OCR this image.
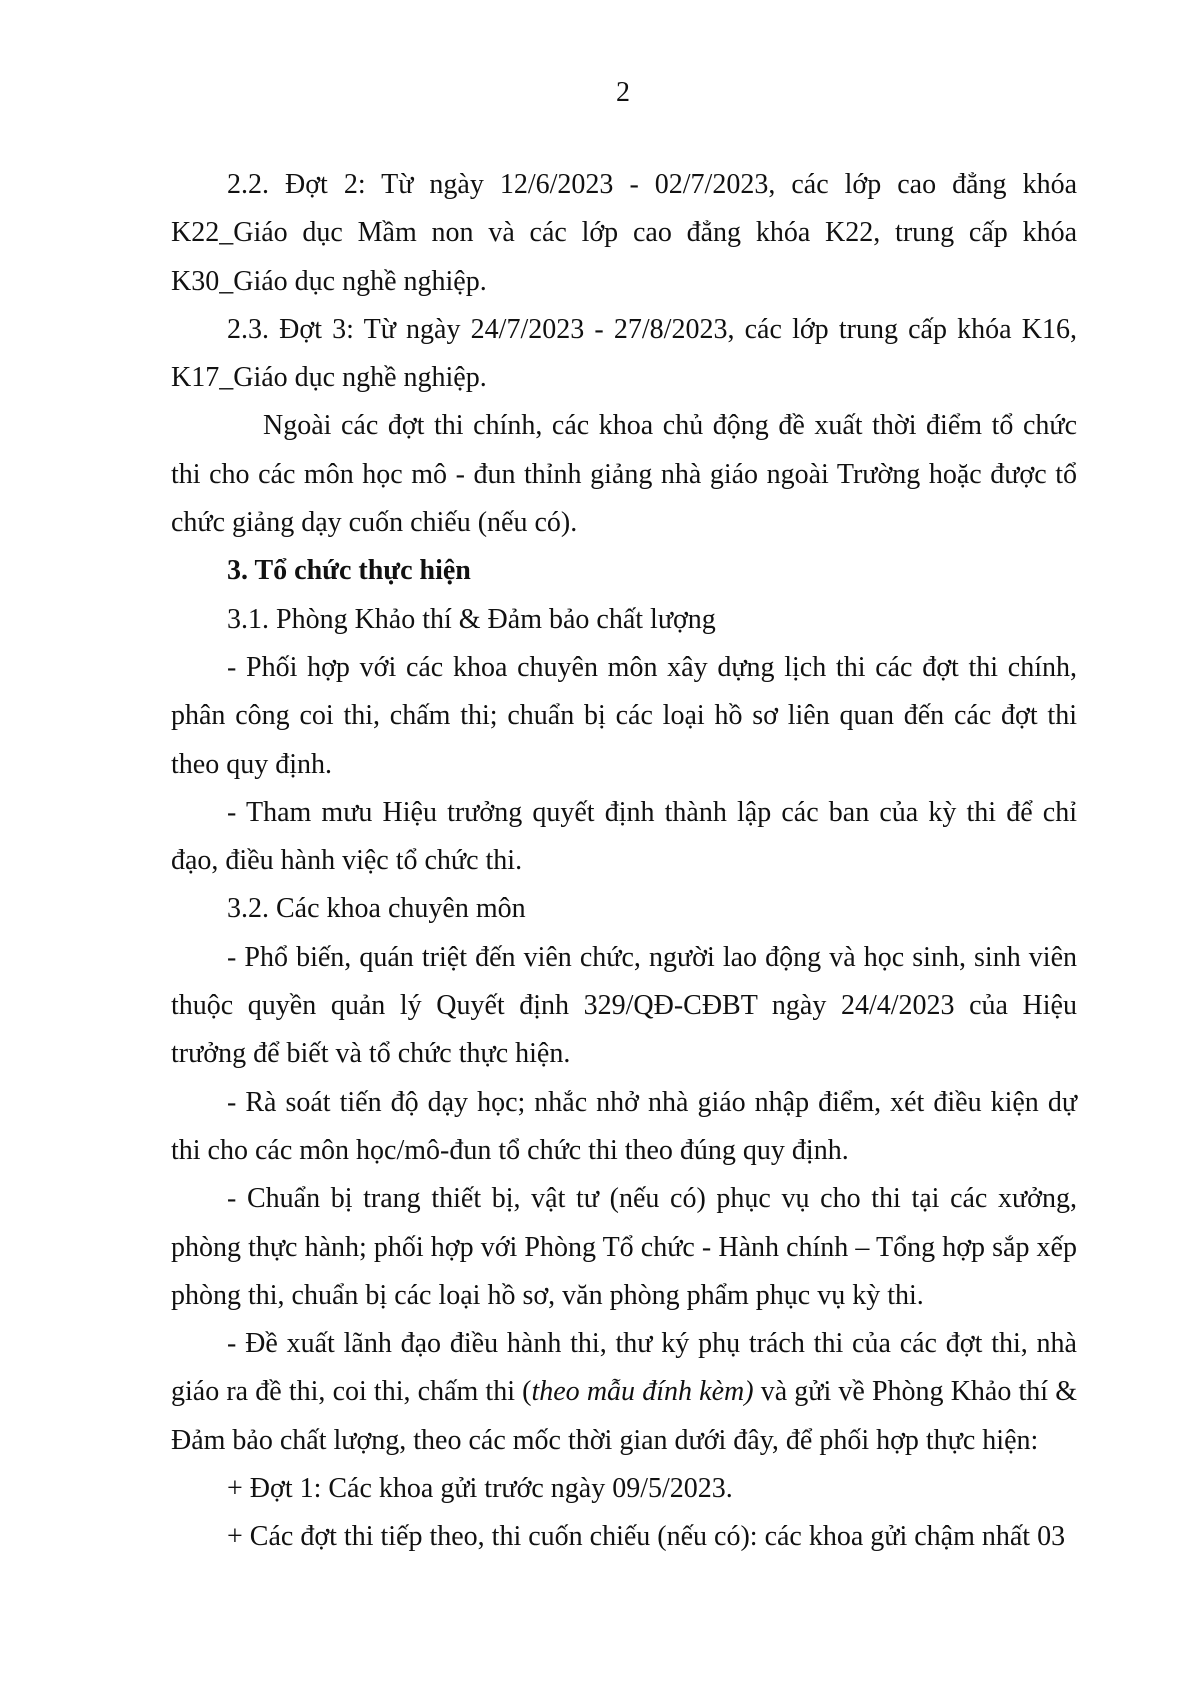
2

2.2. Đợt 2: Từ ngày 12/6/2023 - 02/7/2023, các lớp cao đẳng khóa K22_Giáo dục Mầm non và các lớp cao đẳng khóa K22, trung cấp khóa K30_Giáo dục nghề nghiệp.

2.3. Đợt 3: Từ ngày 24/7/2023 - 27/8/2023, các lớp trung cấp khóa K16, K17_Giáo dục nghề nghiệp.

Ngoài các đợt thi chính, các khoa chủ động đề xuất thời điểm tổ chức thi cho các môn học mô - đun thỉnh giảng nhà giáo ngoài Trường hoặc được tổ chức giảng dạy cuốn chiếu (nếu có).

3. Tổ chức thực hiện

3.1. Phòng Khảo thí & Đảm bảo chất lượng

- Phối hợp với các khoa chuyên môn xây dựng lịch thi các đợt thi chính, phân công coi thi, chấm thi; chuẩn bị các loại hồ sơ liên quan đến các đợt thi theo quy định.

- Tham mưu Hiệu trưởng quyết định thành lập các ban của kỳ thi để chỉ đạo, điều hành việc tổ chức thi.

3.2. Các khoa chuyên môn

- Phổ biến, quán triệt đến viên chức, người lao động và học sinh, sinh viên thuộc quyền quản lý Quyết định 329/QĐ-CĐBT ngày 24/4/2023 của Hiệu trưởng để biết và tổ chức thực hiện.

- Rà soát tiến độ dạy học; nhắc nhở nhà giáo nhập điểm, xét điều kiện dự thi cho các môn học/mô-đun tổ chức thi theo đúng quy định.

- Chuẩn bị trang thiết bị, vật tư (nếu có) phục vụ cho thi tại các xưởng, phòng thực hành; phối hợp với Phòng Tổ chức - Hành chính – Tổng hợp sắp xếp phòng thi, chuẩn bị các loại hồ sơ, văn phòng phẩm phục vụ kỳ thi.

- Đề xuất lãnh đạo điều hành thi, thư ký phụ trách thi của các đợt thi, nhà giáo ra đề thi, coi thi, chấm thi (theo mẫu đính kèm) và gửi về Phòng Khảo thí & Đảm bảo chất lượng, theo các mốc thời gian dưới đây, để phối hợp thực hiện:

+ Đợt 1: Các khoa gửi trước ngày 09/5/2023.

+ Các đợt thi tiếp theo, thi cuốn chiếu (nếu có): các khoa gửi chậm nhất 03
